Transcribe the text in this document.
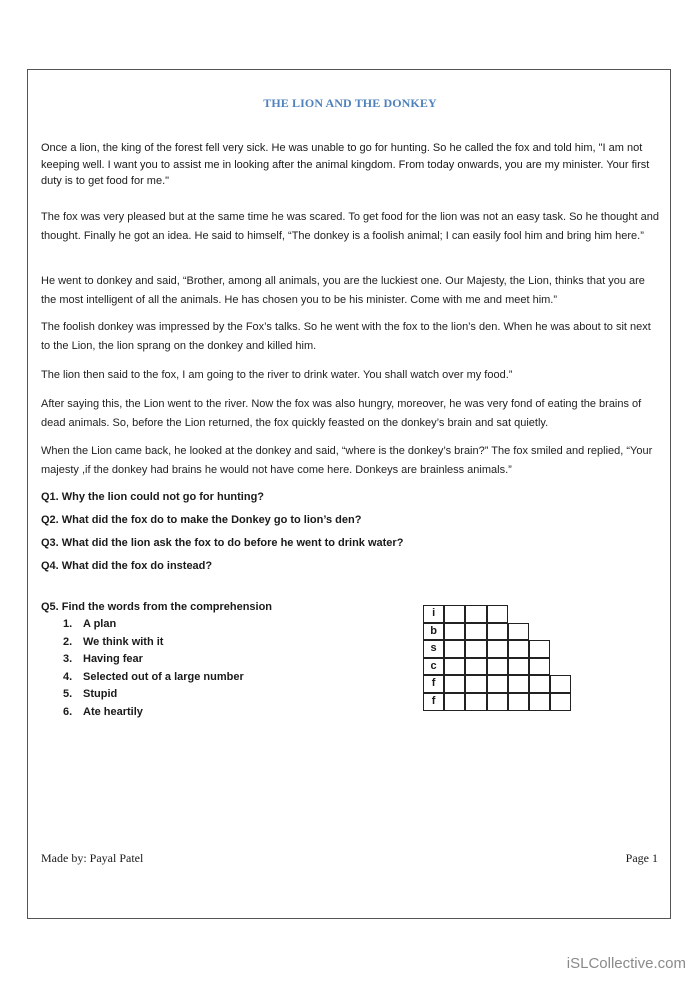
THE LION AND THE DONKEY
Once a lion, the king of the forest fell very sick. He was unable to go for hunting. So he called the fox and told him, "I am not keeping well. I want you to assist me in looking after the animal kingdom. From today onwards, you are my minister. Your first duty is to get food for me."
The fox was very pleased but at the same time he was scared. To get food for the lion was not an easy task. So he thought and thought. Finally he got an idea. He said to himself, “The donkey is a foolish animal; I can easily fool him and bring him here.”
He went to donkey and said, “Brother, among all animals, you are the luckiest one. Our Majesty, the Lion, thinks that you are the most intelligent of all the animals. He has chosen you to be his minister. Come with me and meet him.”
The foolish donkey was impressed by the Fox’s talks. So he went with the fox to the lion’s den. When he was about to sit next to the Lion, the lion sprang on the donkey and killed him.
The lion then said to the fox, I am going to the river to drink water. You shall watch over my food.”
After saying this, the Lion went to the river. Now the fox was also hungry, moreover, he was very fond of eating the brains of dead animals. So, before the Lion returned, the fox quickly feasted on the donkey’s brain and sat quietly.
When the Lion came back, he looked at the donkey and said, “where is the donkey’s brain?” The fox smiled and replied, “Your majesty ,if the donkey had brains he would not have come here. Donkeys are brainless animals.”
Q1. Why the lion could not go for hunting?
Q2. What did the fox do to make the Donkey go to lion’s den?
Q3. What did the lion ask the fox to do before he went to drink water?
Q4. What did the fox do instead?
Q5. Find the words from the comprehension
1. A plan
2. We think with it
3. Having fear
4. Selected out of a large number
5. Stupid
6. Ate heartily
i
b
s
c
f
f
Made by: Payal Patel	Page 1
iSLCollective.com
